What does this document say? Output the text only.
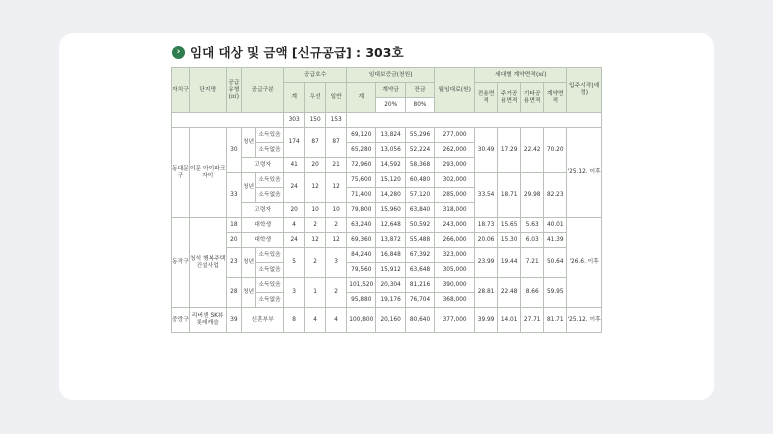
› 임대 대상 및 금액 [신규공급] : 303호
자치구	단지명	공급유형(㎡)	공급구분		공급호수			임대보증금(천원)			월임대료(원)	세대별 계약면적(㎡)				입주시작(예정)
					계	우선	일반	계	계약금	잔금		전용면적	주거공용면적	기타공용면적	계약면적	
									20%	80%						
					303	150	153									
동대문구	이문 아이파크 자이	30	청년	소득있음	174	87	87	69,120	13,824	55,296	277,000	30.49	17.29	22.42	70.20	'25.12. 이후
				소득없음				65,280	13,056	52,224	262,000					
			고령자		41	20	21	72,960	14,592	58,368	293,000					
		33	청년	소득있음	24	12	12	75,600	15,120	60,480	302,000	33.54	18.71	29.98	82.23	
				소득없음				71,400	14,280	57,120	285,000					
			고령자		20	10	10	79,800	15,960	63,840	318,000					
동작구	청석 행복주택 건설사업	18	대학생		4	2	2	63,240	12,648	50,592	243,000	18.73	15.65	5.63	40.01	'26.6. 이후
		20	대학생		24	12	12	69,360	13,872	55,488	266,000	20.06	15.30	6.03	41.39	
		23	청년	소득있음	5	2	3	84,240	16,848	67,392	323,000	23.99	19.44	7.21	50.64	
				소득없음				79,560	15,912	63,648	305,000					
		28	청년	소득있음	3	1	2	101,520	20,304	81,216	390,000	28.81	22.48	8.66	59.95	
				소득없음				95,880	19,176	76,704	368,000					
중랑구	리버센 SK뷰 롯데캐슬	39	신혼부부		8	4	4	100,800	20,160	80,640	377,000	39.99	14.01	27.71	81.71	'25.12. 이후
